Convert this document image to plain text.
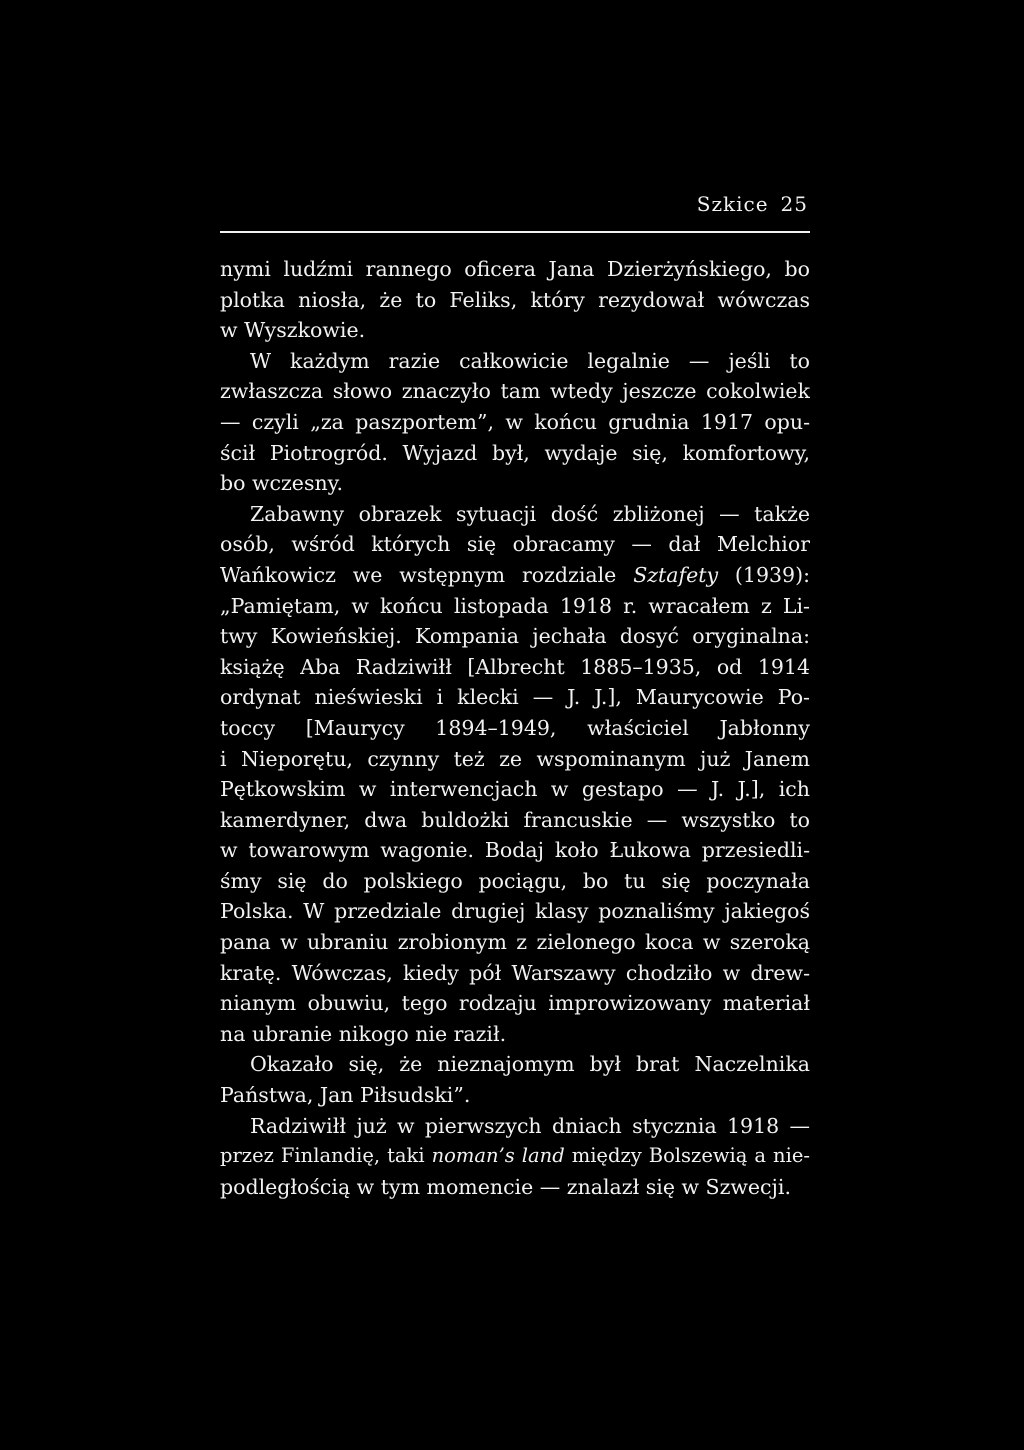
Szkice 25
nymi ludźmi rannego oficera Jana Dzierżyńskiego, bo
plotka niosła, że to Feliks, który rezydował wówczas
w Wyszkowie.
W każdym razie całkowicie legalnie — jeśli to
zwłaszcza słowo znaczyło tam wtedy jeszcze cokolwiek
— czyli „za paszportem”, w końcu grudnia 1917 opu-
ścił Piotrogród. Wyjazd był, wydaje się, komfortowy,
bo wczesny.
Zabawny obrazek sytuacji dość zbliżonej — także
osób, wśród których się obracamy — dał Melchior
Wańkowicz we wstępnym rozdziale Sztafety (1939):
„Pamiętam, w końcu listopada 1918 r. wracałem z Li-
twy Kowieńskiej. Kompania jechała dosyć oryginalna:
książę Aba Radziwiłł [Albrecht 1885–1935, od 1914
ordynat nieświeski i klecki — J. J.], Maurycowie Po-
toccy [Maurycy 1894–1949, właściciel Jabłonny
i Nieporętu, czynny też ze wspominanym już Janem
Pętkowskim w interwencjach w gestapo — J. J.], ich
kamerdyner, dwa buldożki francuskie — wszystko to
w towarowym wagonie. Bodaj koło Łukowa przesiedli-
śmy się do polskiego pociągu, bo tu się poczynała
Polska. W przedziale drugiej klasy poznaliśmy jakiegoś
pana w ubraniu zrobionym z zielonego koca w szeroką
kratę. Wówczas, kiedy pół Warszawy chodziło w drew-
nianym obuwiu, tego rodzaju improwizowany materiał
na ubranie nikogo nie raził.
Okazało się, że nieznajomym był brat Naczelnika
Państwa, Jan Piłsudski”.
Radziwiłł już w pierwszych dniach stycznia 1918 —
przez Finlandię, taki noman’s land między Bolszewią a nie-
podległością w tym momencie — znalazł się w Szwecji.
